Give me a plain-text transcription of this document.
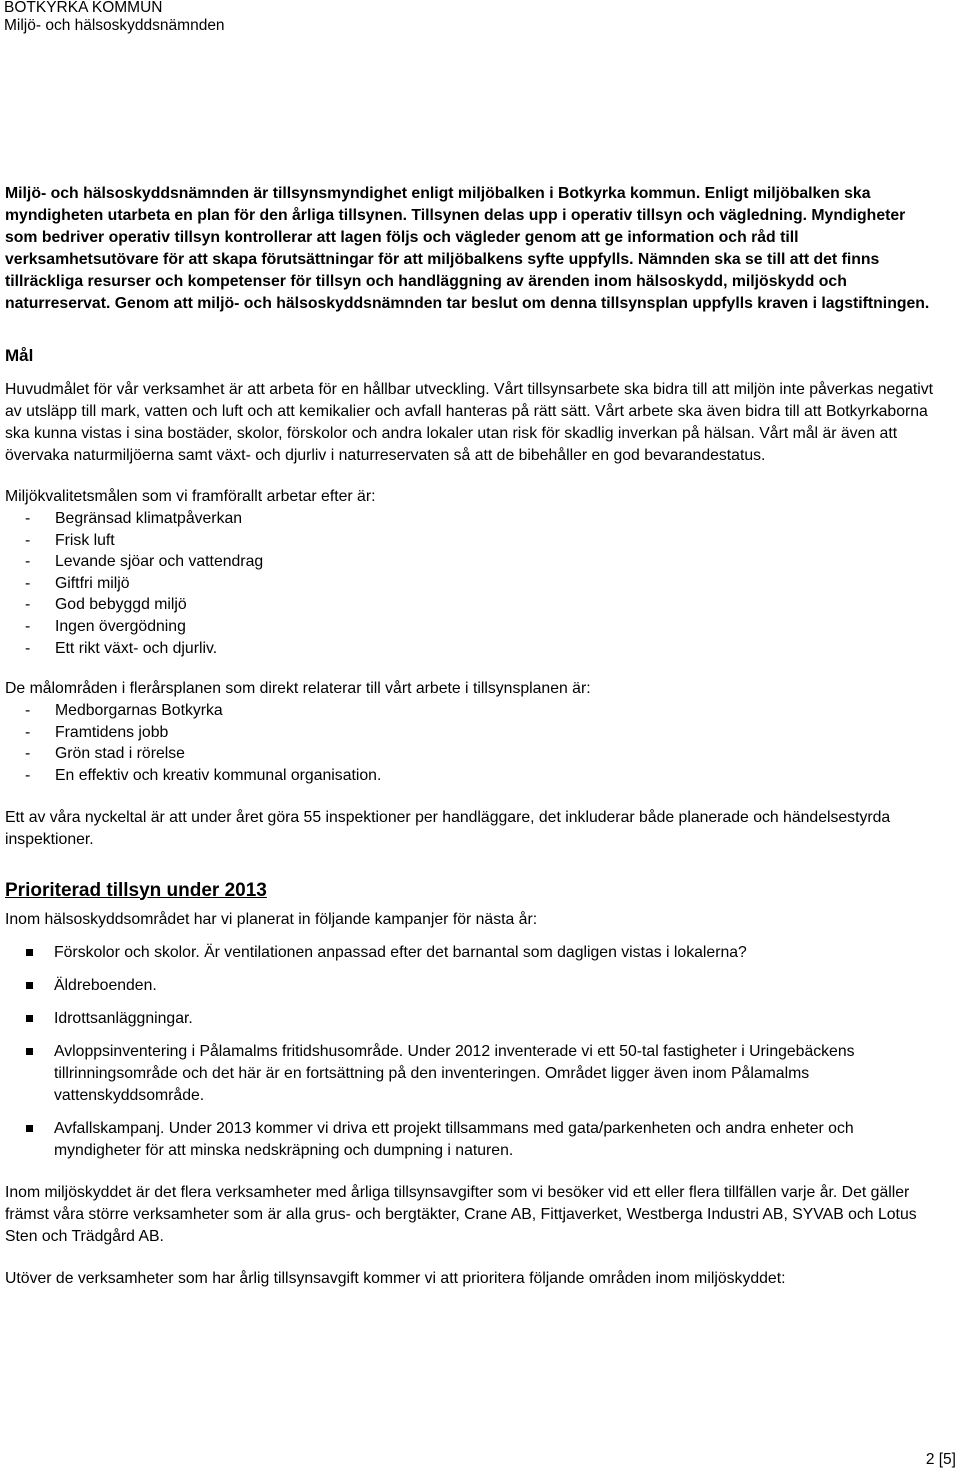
BOTKYRKA KOMMUN
Miljö- och hälsoskyddsnämnden

Miljö- och hälsoskyddsnämnden är tillsynsmyndighet enligt miljöbalken i Botkyrka kommun. Enligt miljöbalken ska myndigheten utarbeta en plan för den årliga tillsynen. Tillsynen delas upp i operativ tillsyn och vägledning. Myndigheter som bedriver operativ tillsyn kontrollerar att lagen följs och vägleder genom att ge information och råd till verksamhetsutövare för att skapa förutsättningar för att miljöbalkens syfte uppfylls. Nämnden ska se till att det finns tillräckliga resurser och kompetenser för tillsyn och handläggning av ärenden inom hälsoskydd, miljöskydd och naturreservat. Genom att miljö- och hälsoskyddsnämnden tar beslut om denna tillsynsplan uppfylls kraven i lagstiftningen.

Mål

Huvudmålet för vår verksamhet är att arbeta för en hållbar utveckling. Vårt tillsynsarbete ska bidra till att miljön inte påverkas negativt av utsläpp till mark, vatten och luft och att kemikalier och avfall hanteras på rätt sätt. Vårt arbete ska även bidra till att Botkyrkaborna ska kunna vistas i sina bostäder, skolor, förskolor och andra lokaler utan risk för skadlig inverkan på hälsan. Vårt mål är även att övervaka naturmiljöerna samt växt- och djurliv i naturreservaten så att de bibehåller en god bevarandestatus.

Miljökvalitetsmålen som vi framförallt arbetar efter är:

- Begränsad klimatpåverkan
- Frisk luft
- Levande sjöar och vattendrag
- Giftfri miljö
- God bebyggd miljö
- Ingen övergödning
- Ett rikt växt- och djurliv.

De målområden i flerårsplanen som direkt relaterar till vårt arbete i tillsynsplanen är:

- Medborgarnas Botkyrka
- Framtidens jobb
- Grön stad i rörelse
- En effektiv och kreativ kommunal organisation.

Ett av våra nyckeltal är att under året göra 55 inspektioner per handläggare, det inkluderar både planerade och händelsestyrda inspektioner.

Prioriterad tillsyn under 2013

Inom hälsoskyddsområdet har vi planerat in följande kampanjer för nästa år:

Förskolor och skolor. Är ventilationen anpassad efter det barnantal som dagligen vistas i lokalerna?
Äldreboenden.
Idrottsanläggningar.
Avloppsinventering i Pålamalms fritidshusområde. Under 2012 inventerade vi ett 50-tal fastigheter i Uringebäckens tillrinningsområde och det här är en fortsättning på den inventeringen. Området ligger även inom Pålamalms vattenskyddsområde.
Avfallskampanj. Under 2013 kommer vi driva ett projekt tillsammans med gata/parkenheten och andra enheter och myndigheter för att minska nedskräpning och dumpning i naturen.

Inom miljöskyddet är det flera verksamheter med årliga tillsynsavgifter som vi besöker vid ett eller flera tillfällen varje år. Det gäller främst våra större verksamheter som är alla grus- och bergtäkter, Crane AB, Fittjaverket, Westberga Industri AB, SYVAB och Lotus Sten och Trädgård AB.

Utöver de verksamheter som har årlig tillsynsavgift kommer vi att prioritera följande områden inom miljöskyddet:

2 [5]
